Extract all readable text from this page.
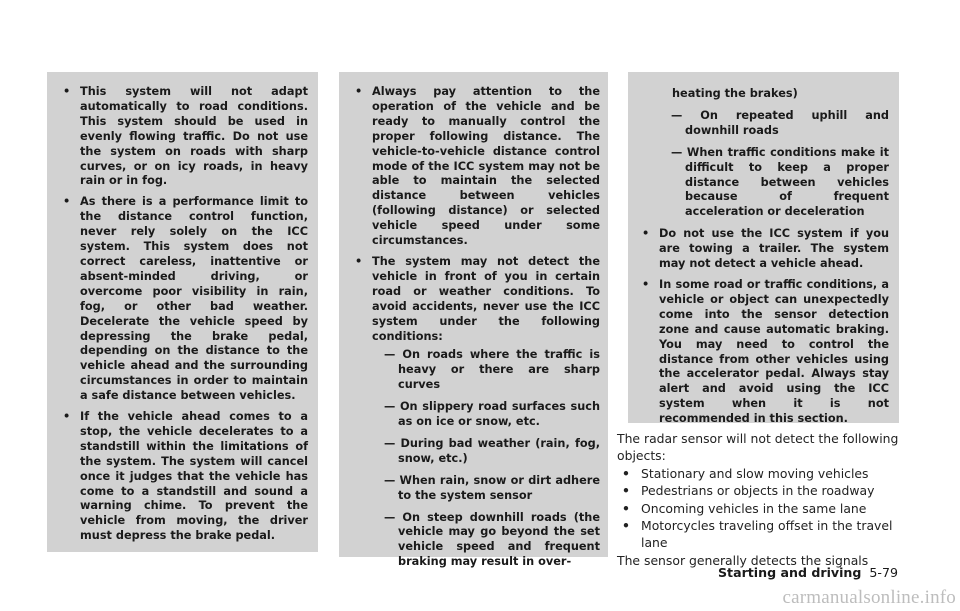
• This system will not adapt automatically to road conditions. This system should be used in evenly flowing traffic. Do not use the system on roads with sharp curves, or on icy roads, in heavy rain or in fog.
• As there is a performance limit to the distance control function, never rely solely on the ICC system. This system does not correct careless, inattentive or absent-minded driving, or overcome poor visibility in rain, fog, or other bad weather. Decelerate the vehicle speed by depressing the brake pedal, depending on the distance to the vehicle ahead and the surrounding circumstances in order to maintain a safe distance between vehicles.
• If the vehicle ahead comes to a stop, the vehicle decelerates to a standstill within the limitations of the system. The system will cancel once it judges that the vehicle has come to a standstill and sound a warning chime. To prevent the vehicle from moving, the driver must depress the brake pedal.
• Always pay attention to the operation of the vehicle and be ready to manually control the proper following distance. The vehicle-to-vehicle distance control mode of the ICC system may not be able to maintain the selected distance between vehicles (following distance) or selected vehicle speed under some circumstances.
• The system may not detect the vehicle in front of you in certain road or weather conditions. To avoid accidents, never use the ICC system under the following conditions:
— On roads where the traffic is heavy or there are sharp curves
— On slippery road surfaces such as on ice or snow, etc.
— During bad weather (rain, fog, snow, etc.)
— When rain, snow or dirt adhere to the system sensor
— On steep downhill roads (the vehicle may go beyond the set vehicle speed and frequent braking may result in over-
heating the brakes)
— On repeated uphill and downhill roads
— When traffic conditions make it difficult to keep a proper distance between vehicles because of frequent acceleration or deceleration
• Do not use the ICC system if you are towing a trailer. The system may not detect a vehicle ahead.
• In some road or traffic conditions, a vehicle or object can unexpectedly come into the sensor detection zone and cause automatic braking. You may need to control the distance from other vehicles using the accelerator pedal. Always stay alert and avoid using the ICC system when it is not recommended in this section.

The radar sensor will not detect the following objects:

• Stationary and slow moving vehicles
• Pedestrians or objects in the roadway
• Oncoming vehicles in the same lane
• Motorcycles traveling offset in the travel lane

The sensor generally detects the signals

Starting and driving 5-79
carmanualsonline.info
